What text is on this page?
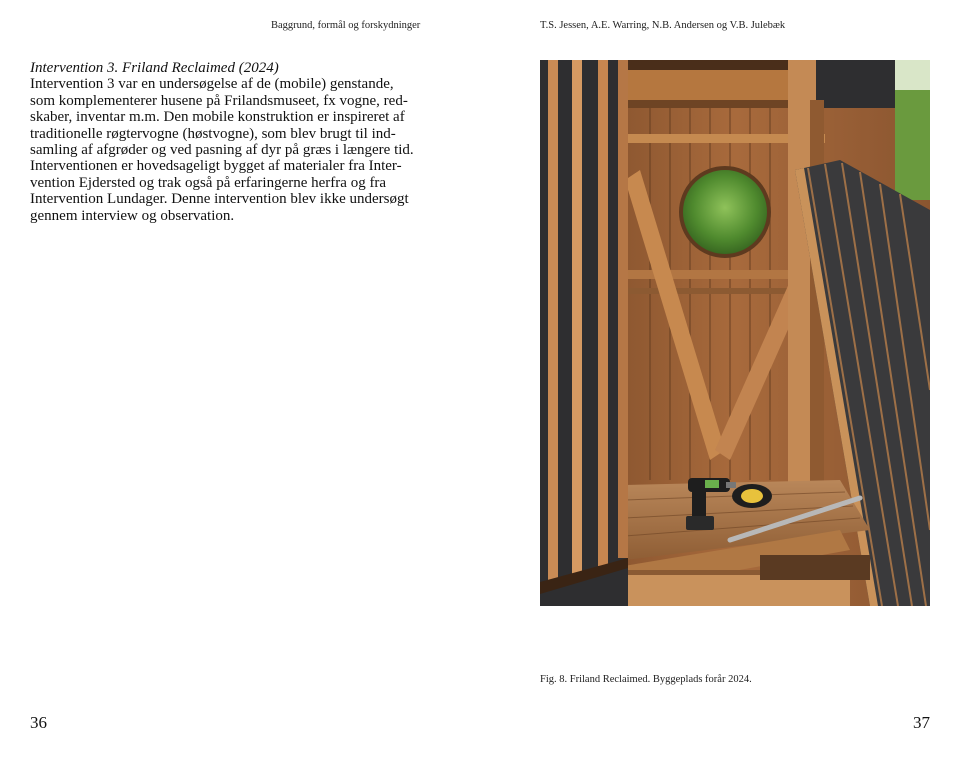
Baggrund, formål og forskydninger	T.S. Jessen, A.E. Warring, N.B. Andersen og V.B. Julebæk
Intervention 3. Friland Reclaimed (2024)
Intervention 3 var en undersøgelse af de (mobile) genstande,
som komplementerer husene på Frilandsmuseet, fx vogne, red-
skaber, inventar m.m. Den mobile konstruktion er inspireret af
traditionelle røgtervogne (høstvogne), som blev brugt til ind-
samling af afgrøder og ved pasning af dyr på græs i længere tid.
Interventionen er hovedsageligt bygget af materialer fra Inter-
vention Ejdersted og trak også på erfaringerne herfra og fra
Intervention Lundager. Denne intervention blev ikke undersøgt
gennem interview og observation.
Fig. 8. Friland Reclaimed. Byggeplads forår 2024.
36	37
